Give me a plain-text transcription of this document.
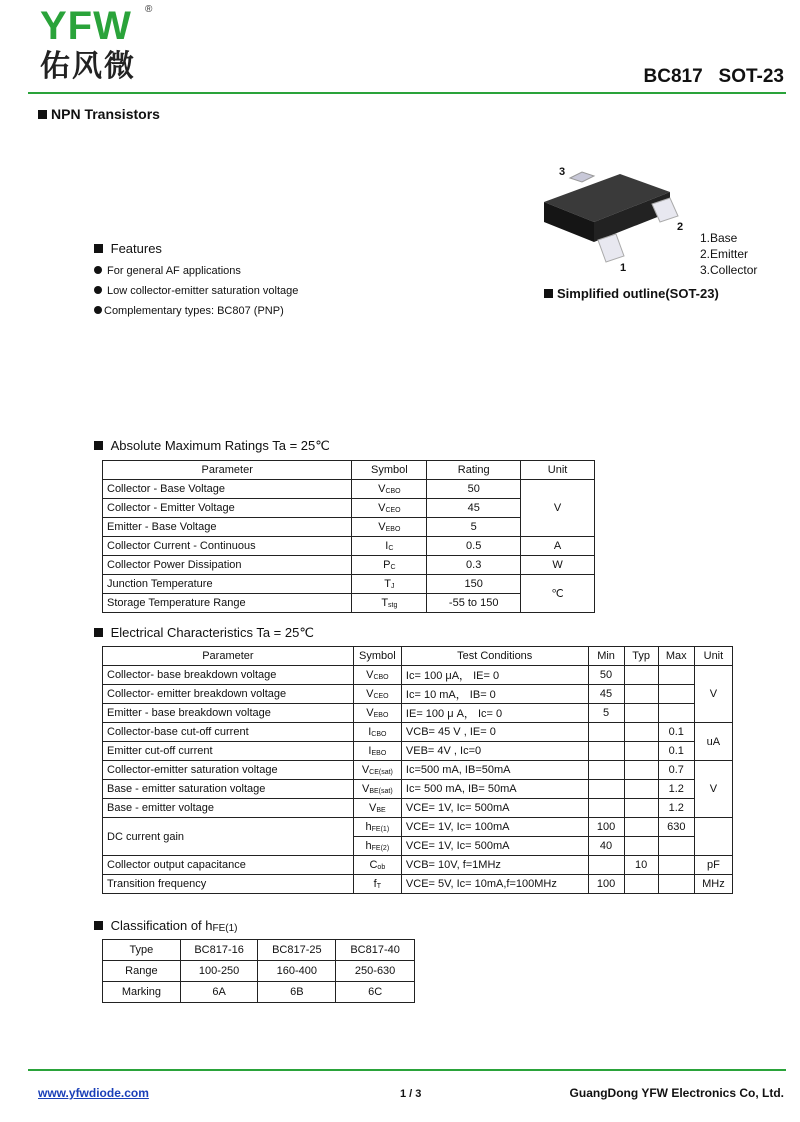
YFW ®
佑风微	BC817 SOT-23
NPN Transistors
3
2
1
1.Base
2.Emitter
3.Collector
Simplified outline(SOT-23)
Features
For general AF applications
Low collector-emitter saturation voltage
Complementary types: BC807 (PNP)
Absolute Maximum Ratings Ta = 25℃
Parameter	Symbol	Rating	Unit
Collector - Base Voltage	$V_{CBO}$	50	V
Collector - Emitter Voltage	$V_{CEO}$	45	
Emitter - Base Voltage	$V_{EBO}$	5	
Collector Current - Continuous	$I_C$	0.5	A
Collector Power Dissipation	$P_C$	0.3	W
Junction Temperature	$T_J$	150	℃
Storage Temperature Range	$T_{stg}$	-55 to 150	
Electrical Characteristics Ta = 25℃
Parameter	Symbol	Test Conditions	Min	Typ	Max	Unit
Collector- base breakdown voltage	$V_{CBO}$	Ic= 100 μA， IE= 0	50			V
Collector- emitter breakdown voltage	$V_{CEO}$	Ic= 10 mA， IB= 0	45			
Emitter - base breakdown voltage	$V_{EBO}$	IE= 100 μ A， Ic= 0	5			
Collector-base cut-off current	$I_{CBO}$	VCB= 45 V , IE= 0			0.1	uA
Emitter cut-off current	$I_{EBO}$	VEB= 4V , Ic=0			0.1	
Collector-emitter saturation voltage	$V_{CE(sat)}$	Ic=500 mA, IB=50mA			0.7	V
Base - emitter saturation voltage	$V_{BE(sat)}$	Ic= 500 mA, IB= 50mA			1.2	
Base - emitter voltage	$V_{BE}$	VCE= 1V, Ic= 500mA			1.2	
DC current gain	$h_{FE(1)}$	VCE= 1V, Ic= 100mA	100		630	
	$h_{FE(2)}$	VCE= 1V, Ic= 500mA	40			
Collector output capacitance	$C_{ob}$	VCB= 10V, f=1MHz		10		pF
Transition frequency	$f_T$	VCE= 5V, Ic= 10mA,f=100MHz	100			MHz
Classification of $h_{FE(1)}$
Type	BC817-16	BC817-25	BC817-40
Range	100-250	160-400	250-630
Marking	6A	6B	6C
www.yfwdiode.com	1 / 3	GuangDong YFW Electronics Co, Ltd.
